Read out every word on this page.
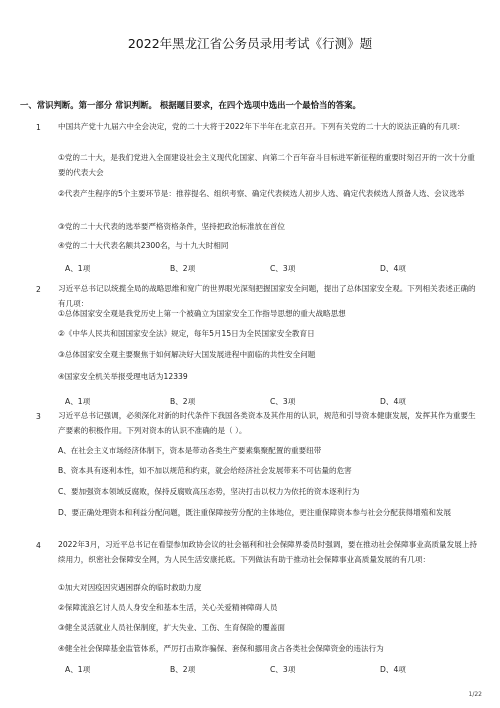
2022年黑龙江省公务员录用考试《行测》题
一、常识判断。第一部分 常识判断。 根据题目要求，在四个选项中选出一个最恰当的答案。
1 中国共产党十九届六中全会决定，党的二十大将于2022年下半年在北京召开。下列有关党的二十大的说法正确的有几项：
①党的二十大，是我们党进入全面建设社会主义现代化国家、向第二个百年奋斗目标进军新征程的重要时刻召开的一次十分重要的代表大会
②代表产生程序的5个主要环节是：推荐提名、组织考察、确定代表候选人初步人选、确定代表候选人预备人选、会议选举
③党的二十大代表的选举要严格资格条件，坚持把政治标准放在首位
④党的二十大代表名额共2300名，与十九大时相同
A、1项	B、2项	C、3项	D、4项
2 习近平总书记以统揽全局的战略思维和宽广的世界眼光深刻把握国家安全问题，提出了总体国家安全观。下列相关表述正确的有几项：
①总体国家安全观是我党历史上第一个被确立为国家安全工作指导思想的重大战略思想
②《中华人民共和国国家安全法》规定，每年5月15日为全民国家安全教育日
③总体国家安全观主要聚焦于如何解决好大国发展进程中面临的共性安全问题
④国家安全机关举报受理电话为12339
A、1项	B、2项	C、3项	D、4项
3 习近平总书记强调，必须深化对新的时代条件下我国各类资本及其作用的认识，规范和引导资本健康发展，发挥其作为重要生产要素的积极作用。下列对资本的认识不准确的是（ ）。
A、在社会主义市场经济体制下，资本是带动各类生产要素集聚配置的重要纽带
B、资本具有逐利本性，如不加以规范和约束，就会给经济社会发展带来不可估量的危害
C、要加强资本领域反腐败，保持反腐败高压态势，坚决打击以权力为依托的资本逐利行为
D、要正确处理资本和利益分配问题，既注重保障按劳分配的主体地位，更注重保障资本参与社会分配获得增殖和发展
4 2022年3月，习近平总书记在看望参加政协会议的社会福利和社会保障界委员时强调，要在推动社会保障事业高质量发展上持续用力，织密社会保障安全网，为人民生活安康托底。下列做法有助于推动社会保障事业高质量发展的有几项：
①加大对因疫因灾遇困群众的临时救助力度
②保障流浪乞讨人员人身安全和基本生活，关心关爱精神障碍人员
③健全灵活就业人员社保制度，扩大失业、工伤、生育保险的覆盖面
④健全社会保障基金监管体系，严厉打击欺诈骗保、套保和挪用贪占各类社会保障资金的违法行为
A、1项	B、2项	C、3项	D、4项
1/22
